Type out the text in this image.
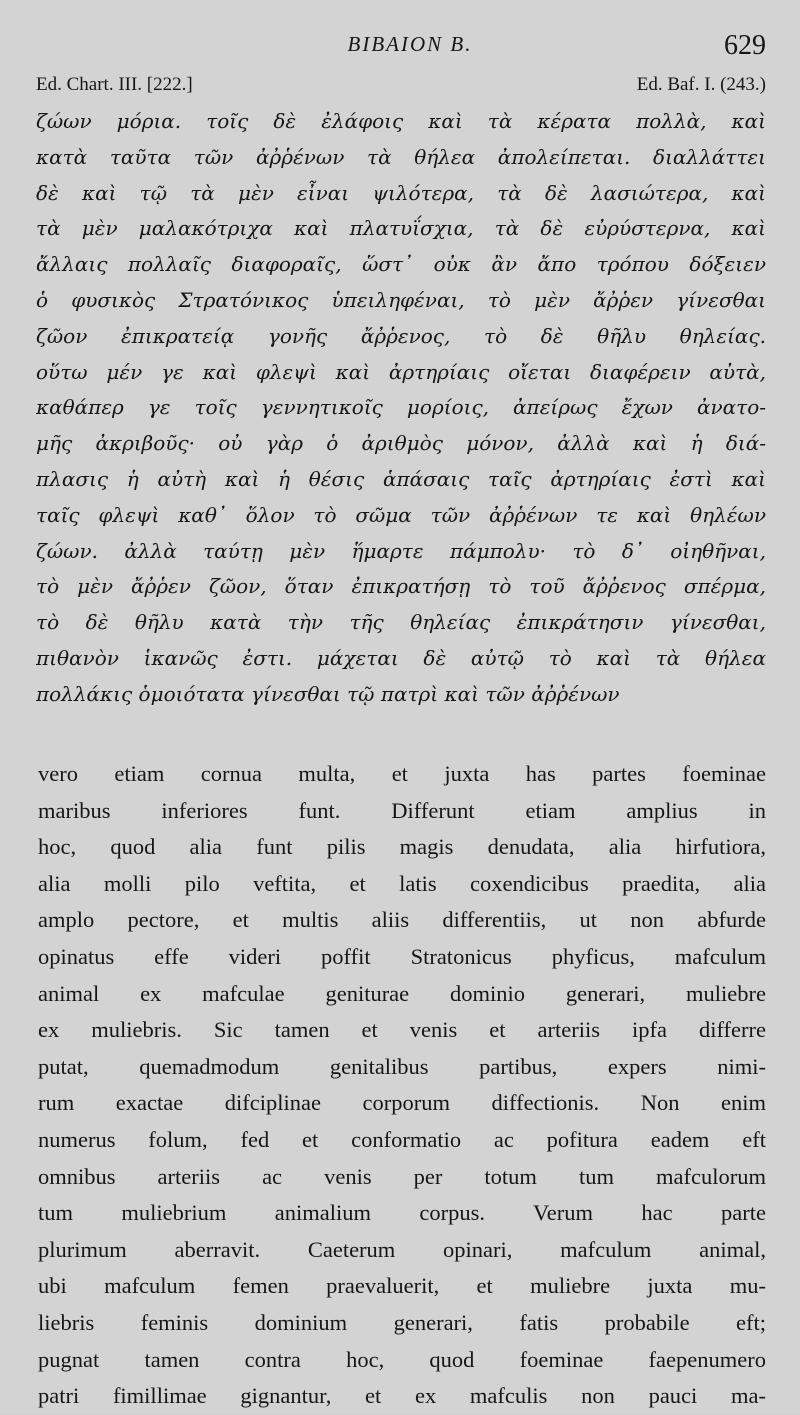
BIBAION B.	629
Ed. Chart. III. [222.]	Ed. Baf. I. (243.)
ζώων μόρια. τοῖς δὲ ἐλάφοις καὶ τὰ κέρατα πολλὰ, καὶ
κατὰ ταῦτα τῶν ἀῤῥένων τὰ θήλεα ἀπολείπεται. διαλλάττει
δὲ καὶ τῷ τὰ μὲν εἶναι ψιλότερα, τὰ δὲ λασιώτερα, καὶ
τὰ μὲν μαλακότριχα καὶ πλατυΐσχια, τὰ δὲ εὐρύστερνα, καὶ
ἄλλαις πολλαῖς διαφοραῖς, ὥστ᾽ οὐκ ἂν ἄπο τρόπου δόξειεν
ὁ φυσικὸς Στρατόνικος ὑπειληφέναι, τὸ μὲν ἄῤῥεν γίνεσθαι
ζῶον ἐπικρατείᾳ γονῆς ἄῤῥενος, τὸ δὲ θῆλυ θηλείας.
οὕτω μέν γε καὶ φλεψὶ καὶ ἀρτηρίαις οἴεται διαφέρειν αὐτὰ,
καθάπερ γε τοῖς γεννητικοῖς μορίοις, ἀπείρως ἔχων ἀνατο-
μῆς ἀκριβοῦς· οὐ γὰρ ὁ ἀριθμὸς μόνον, ἀλλὰ καὶ ἡ διά-
πλασις ἡ αὐτὴ καὶ ἡ θέσις ἁπάσαις ταῖς ἀρτηρίαις ἐστὶ καὶ
ταῖς φλεψὶ καθ᾽ ὅλον τὸ σῶμα τῶν ἀῤῥένων τε καὶ θηλέων
ζώων. ἀλλὰ ταύτῃ μὲν ἥμαρτε πάμπολυ· τὸ δ᾽ οἰηθῆναι,
τὸ μὲν ἄῤῥεν ζῶον, ὅταν ἐπικρατήσῃ τὸ τοῦ ἄῤῥενος σπέρμα,
τὸ δὲ θῆλυ κατὰ τὴν τῆς θηλείας ἐπικράτησιν γίνεσθαι,
πιθανὸν ἱκανῶς ἐστι. μάχεται δὲ αὐτῷ τὸ καὶ τὰ θήλεα
πολλάκις ὁμοιότατα γίνεσθαι τῷ πατρὶ καὶ τῶν ἀῤῥένων
vero etiam cornua multa, et juxta has partes foeminae
maribus inferiores funt. Differunt etiam amplius in
hoc, quod alia funt pilis magis denudata, alia hirfutiora,
alia molli pilo veftita, et latis coxendicibus praedita, alia
amplo pectore, et multis aliis differentiis, ut non abfurde
opinatus effe videri poffit Stratonicus phyficus, mafculum
animal ex mafculae geniturae dominio generari, muliebre
ex muliebris. Sic tamen et venis et arteriis ipfa differre
putat, quemadmodum genitalibus partibus, expers nimi-
rum exactae difciplinae corporum diffectionis. Non enim
numerus folum, fed et conformatio ac pofitura eadem eft
omnibus arteriis ac venis per totum tum mafculorum
tum muliebrium animalium corpus. Verum hac parte
plurimum aberravit. Caeterum opinari, mafculum animal,
ubi mafculum femen praevaluerit, et muliebre juxta mu-
liebris feminis dominium generari, fatis probabile eft;
pugnat tamen contra hoc, quod foeminae faepenumero
patri fimillimae gignantur, et ex mafculis non pauci ma-
